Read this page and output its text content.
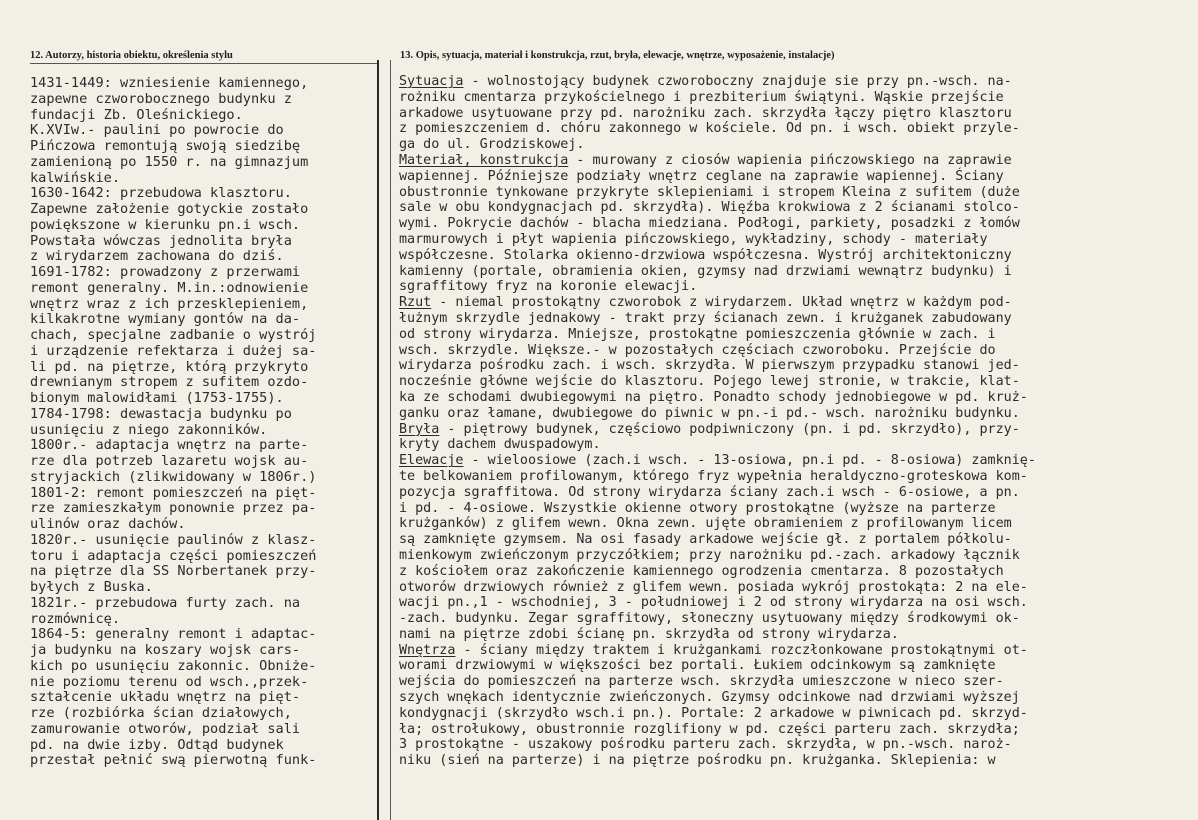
12. Autorzy, historia obiektu, określenia stylu	13. Opis, sytuacja, materiał i konstrukcja, rzut, bryła, elewacje, wnętrze, wyposażenie, instalacje)
1431-1449: wzniesienie kamiennego,
zapewne czworobocznego budynku z
fundacji Zb. Oleśnickiego.
K.XVIw.- paulini po powrocie do
Pińczowa remontują swoją siedzibę
zamienioną po 1550 r. na gimnazjum
kalwińskie.
1630-1642: przebudowa klasztoru.
Zapewne założenie gotyckie zostało
powiększone w kierunku pn.i wsch.
Powstała wówczas jednolita bryła
z wirydarzem zachowana do dziś.
1691-1782: prowadzony z przerwami
remont generalny. M.in.:odnowienie
wnętrz wraz z ich przesklepieniem,
kilkakrotne wymiany gontów na da-
chach, specjalne zadbanie o wystrój
i urządzenie refektarza i dużej sa-
li pd. na piętrze, którą przykryto
drewnianym stropem z sufitem ozdo-
bionym malowidłami (1753-1755).
1784-1798: dewastacja budynku po
usunięciu z niego zakonników.
1800r.- adaptacja wnętrz na parte-
rze dla potrzeb lazaretu wojsk au-
stryjackich (zlikwidowany w 1806r.)
1801-2: remont pomieszczeń na pięt-
rze zamieszkałym ponownie przez pa-
ulinów oraz dachów.
1820r.- usunięcie paulinów z klasz-
toru i adaptacja części pomieszczeń
na piętrze dla SS Norbertanek przy-
byłych z Buska.
1821r.- przebudowa furty zach. na
rozmównicę.
1864-5: generalny remont i adaptac-
ja budynku na koszary wojsk cars-
kich po usunięciu zakonnic. Obniże-
nie poziomu terenu od wsch.,przek-
ształcenie układu wnętrz na pięt-
rze (rozbiórka ścian działowych,
zamurowanie otworów, podział sali
pd. na dwie izby. Odtąd budynek
przestał pełnić swą pierwotną funk-
Sytuacja - wolnostojący budynek czworoboczny znajduje sie przy pn.-wsch. na-
rożniku cmentarza przykościelnego i prezbiterium świątyni. Wąskie przejście
arkadowe usytuowane przy pd. narożniku zach. skrzydła łączy piętro klasztoru
z pomieszczeniem d. chóru zakonnego w kościele. Od pn. i wsch. obiekt przyle-
ga do ul. Grodziskowej.
Materiał, konstrukcja - murowany z ciosów wapienia pińczowskiego na zaprawie
wapiennej. Późniejsze podziały wnętrz ceglane na zaprawie wapiennej. Ściany
obustronnie tynkowane przykryte sklepieniami i stropem Kleina z sufitem (duże
sale w obu kondygnacjach pd. skrzydła). Więźba krokwiowa z 2 ścianami stolco-
wymi. Pokrycie dachów - blacha miedziana. Podłogi, parkiety, posadzki z łomów
marmurowych i płyt wapienia pińczowskiego, wykładziny, schody - materiały
współczesne. Stolarka okienno-drzwiowa współczesna. Wystrój architektoniczny
kamienny (portale, obramienia okien, gzymsy nad drzwiami wewnątrz budynku) i
sgraffitowy fryz na koronie elewacji.
Rzut - niemal prostokątny czworobok z wirydarzem. Układ wnętrz w każdym pod-
łużnym skrzydle jednakowy - trakt przy ścianach zewn. i krużganek zabudowany
od strony wirydarza. Mniejsze, prostokątne pomieszczenia głównie w zach. i
wsch. skrzydle. Większe.- w pozostałych częściach czworoboku. Przejście do
wirydarza pośrodku zach. i wsch. skrzydła. W pierwszym przypadku stanowi jed-
nocześnie główne wejście do klasztoru. Pojego lewej stronie, w trakcie, klat-
ka ze schodami dwubiegowymi na piętro. Ponadto schody jednobiegowe w pd. kruż-
ganku oraz łamane, dwubiegowe do piwnic w pn.-i pd.- wsch. narożniku budynku.
Bryła - piętrowy budynek, częściowo podpiwniczony (pn. i pd. skrzydło), przy-
kryty dachem dwuspadowym.
Elewacje - wieloosiowe (zach.i wsch. - 13-osiowa, pn.i pd. - 8-osiowa) zamknię-
te belkowaniem profilowanym, którego fryz wypełnia heraldyczno-groteskowa kom-
pozycja sgraffitowa. Od strony wirydarza ściany zach.i wsch - 6-osiowe, a pn.
i pd. - 4-osiowe. Wszystkie okienne otwory prostokątne (wyższe na parterze
krużganków) z glifem wewn. Okna zewn. ujęte obramieniem z profilowanym licem
są zamknięte gzymsem. Na osi fasady arkadowe wejście gł. z portalem półkolu-
mienkowym zwieńczonym przyczółkiem; przy narożniku pd.-zach. arkadowy łącznik
z kościołem oraz zakończenie kamiennego ogrodzenia cmentarza. 8 pozostałych
otworów drzwiowych również z glifem wewn. posiada wykrój prostokąta: 2 na ele-
wacji pn.,1 - wschodniej, 3 - południowej i 2 od strony wirydarza na osi wsch.
-zach. budynku. Zegar sgraffitowy, słoneczny usytuowany między środkowymi ok-
nami na piętrze zdobi ścianę pn. skrzydła od strony wirydarza.
Wnętrza - ściany między traktem i krużgankami rozczłonkowane prostokątnymi ot-
worami drzwiowymi w większości bez portali. Łukiem odcinkowym są zamknięte
wejścia do pomieszczeń na parterze wsch. skrzydła umieszczone w nieco szer-
szych wnękach identycznie zwieńczonych. Gzymsy odcinkowe nad drzwiami wyższej
kondygnacji (skrzydło wsch.i pn.). Portale: 2 arkadowe w piwnicach pd. skrzyd-
ła; ostrołukowy, obustronnie rozglifiony w pd. części parteru zach. skrzydła;
3 prostokątne - uszakowy pośrodku parteru zach. skrzydła, w pn.-wsch. naroż-
niku (sień na parterze) i na piętrze pośrodku pn. krużganka. Sklepienia: w
